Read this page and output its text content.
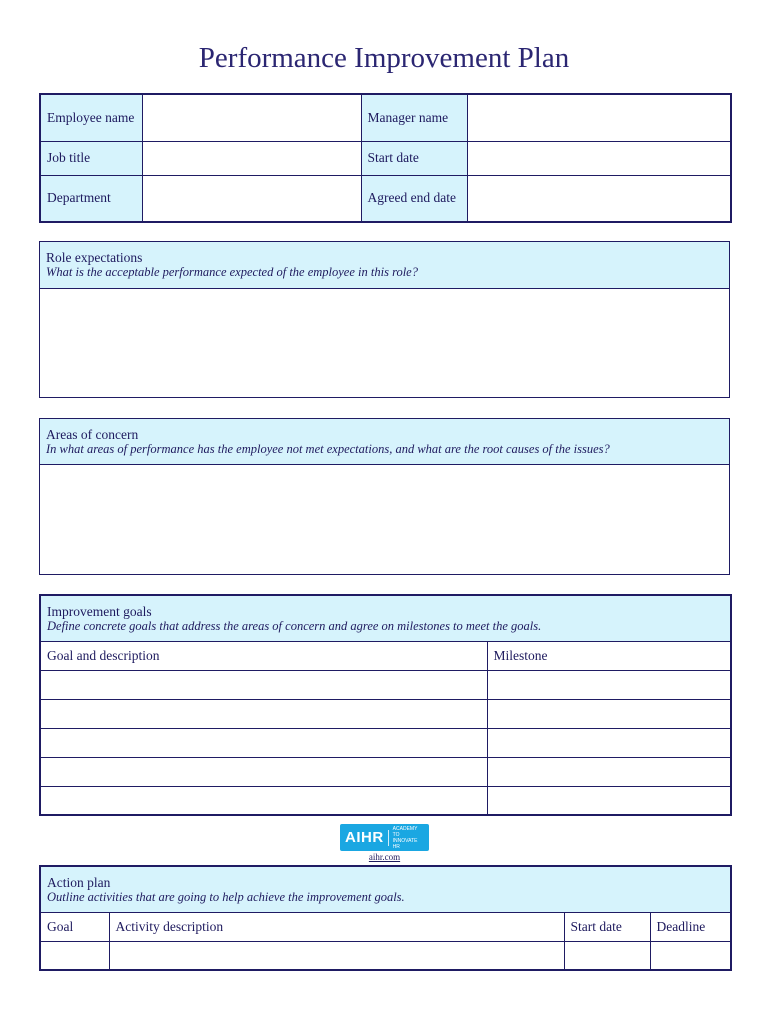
Performance Improvement Plan
Employee name		Manager name	
Job title		Start date	
Department		Agreed end date	
Role expectations
What is the acceptable performance expected of the employee in this role?
Areas of concern
In what areas of performance has the employee not met expectations, and what are the root causes of the issues?
Improvement goals
Define concrete goals that address the areas of concern and agree on milestones to meet the goals.	

Goal and description	Milestone

AIHR
ACADEMY TO INNOVATE HR
aihr.com
Action plan
Outline activities that are going to help achieve the improvement goals.			

Goal	Activity description	Start date	Deadline
